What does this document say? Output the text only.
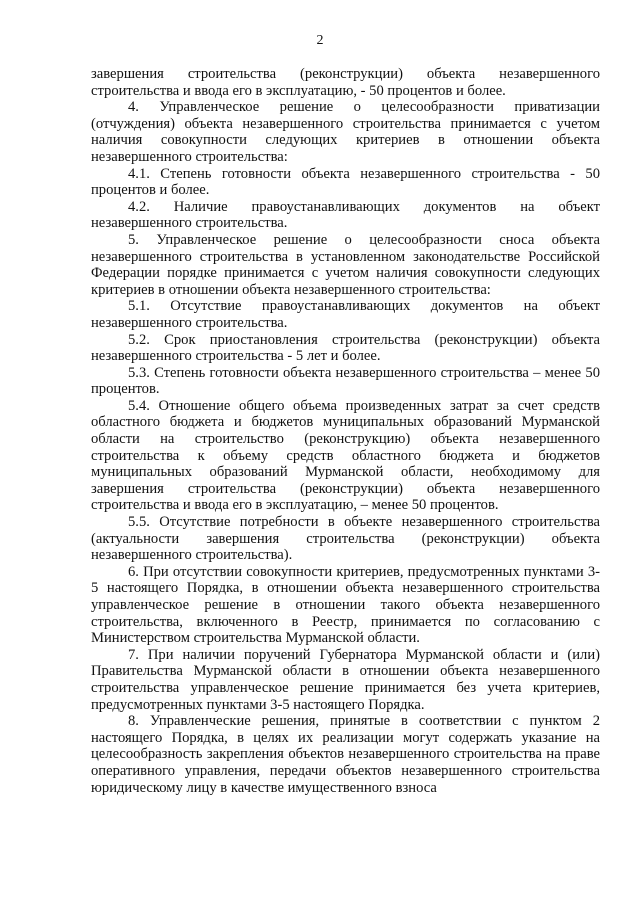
2

завершения строительства (реконструкции) объекта незавершенного строительства и ввода его в эксплуатацию, - 50 процентов и более.

4. Управленческое решение о целесообразности приватизации (отчуждения) объекта незавершенного строительства принимается с учетом наличия совокупности следующих критериев в отношении объекта незавершенного строительства:

4.1. Степень готовности объекта незавершенного строительства - 50 процентов и более.

4.2. Наличие правоустанавливающих документов на объект незавершенного строительства.

5. Управленческое решение о целесообразности сноса объекта незавершенного строительства в установленном законодательстве Российской Федерации порядке принимается с учетом наличия совокупности следующих критериев в отношении объекта незавершенного строительства:

5.1. Отсутствие правоустанавливающих документов на объект незавершенного строительства.

5.2. Срок приостановления строительства (реконструкции) объекта незавершенного строительства - 5 лет и более.

5.3. Степень готовности объекта незавершенного строительства – менее 50 процентов.

5.4. Отношение общего объема произведенных затрат за счет средств областного бюджета и бюджетов муниципальных образований Мурманской области на строительство (реконструкцию) объекта незавершенного строительства к объему средств областного бюджета и бюджетов муниципальных образований Мурманской области, необходимому для завершения строительства (реконструкции) объекта незавершенного строительства и ввода его в эксплуатацию, – менее 50 процентов.

5.5. Отсутствие потребности в объекте незавершенного строительства (актуальности завершения строительства (реконструкции) объекта незавершенного строительства).

6. При отсутствии совокупности критериев, предусмотренных пунктами 3-5 настоящего Порядка, в отношении объекта незавершенного строительства управленческое решение в отношении такого объекта незавершенного строительства, включенного в Реестр, принимается по согласованию с Министерством строительства Мурманской области.

7. При наличии поручений Губернатора Мурманской области и (или) Правительства Мурманской области в отношении объекта незавершенного строительства управленческое решение принимается без учета критериев, предусмотренных пунктами 3-5 настоящего Порядка.

8. Управленческие решения, принятые в соответствии с пунктом 2 настоящего Порядка, в целях их реализации могут содержать указание на целесообразность закрепления объектов незавершенного строительства на праве оперативного управления, передачи объектов незавершенного строительства юридическому лицу в качестве имущественного взноса
